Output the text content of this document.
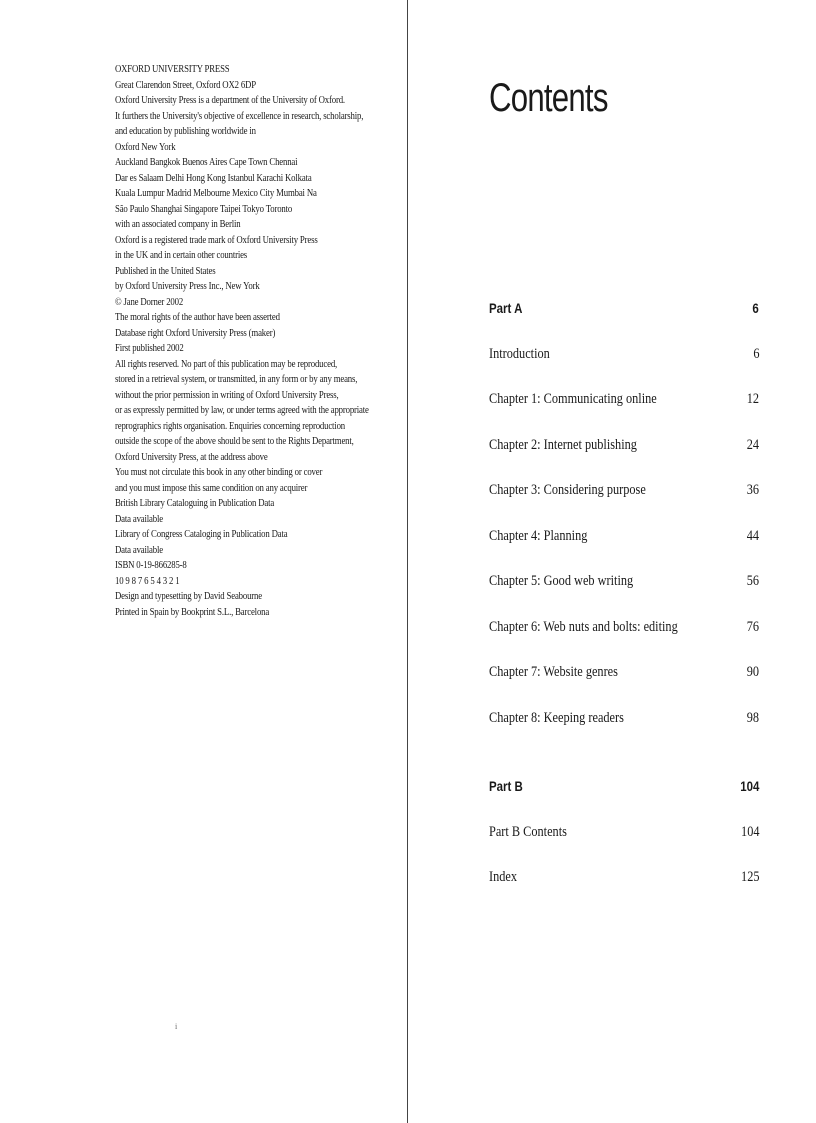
OXFORD UNIVERSITY PRESS

Great Clarendon Street, Oxford OX2 6DP

Oxford University Press is a department of the University of Oxford.
It furthers the University's objective of excellence in research, scholarship,
and education by publishing worldwide in
Oxford New York
Auckland Bangkok Buenos Aires Cape Town Chennai
Dar es Salaam Delhi Hong Kong Istanbul Karachi Kolkata
Kuala Lumpur Madrid Melbourne Mexico City Mumbai Na
São Paulo Shanghai Singapore Taipei Tokyo Toronto
with an associated company in Berlin

Oxford is a registered trade mark of Oxford University Press
in the UK and in certain other countries

Published in the United States
by Oxford University Press Inc., New York

© Jane Dorner 2002

The moral rights of the author have been asserted
Database right Oxford University Press (maker)

First published 2002

All rights reserved. No part of this publication may be reproduced,
stored in a retrieval system, or transmitted, in any form or by any means,
without the prior permission in writing of Oxford University Press,
or as expressly permitted by law, or under terms agreed with the appropriate
reprographics rights organisation. Enquiries concerning reproduction
outside the scope of the above should be sent to the Rights Department,
Oxford University Press, at the address above

You must not circulate this book in any other binding or cover
and you must impose this same condition on any acquirer

British Library Cataloguing in Publication Data
Data available

Library of Congress Cataloging in Publication Data
Data available

ISBN 0-19-866285-8

10 9 8 7 6 5 4 3 2 1

Design and typesetting by David Seabourne
Printed in Spain by Bookprint S.L., Barcelona

i
Contents
Part A	6
Introduction	6
Chapter 1: Communicating online	12
Chapter 2: Internet publishing	24
Chapter 3: Considering purpose	36
Chapter 4: Planning	44
Chapter 5: Good web writing	56
Chapter 6: Web nuts and bolts: editing	76
Chapter 7: Website genres	90
Chapter 8: Keeping readers	98
Part B	104
Part B Contents	104
Index	125
